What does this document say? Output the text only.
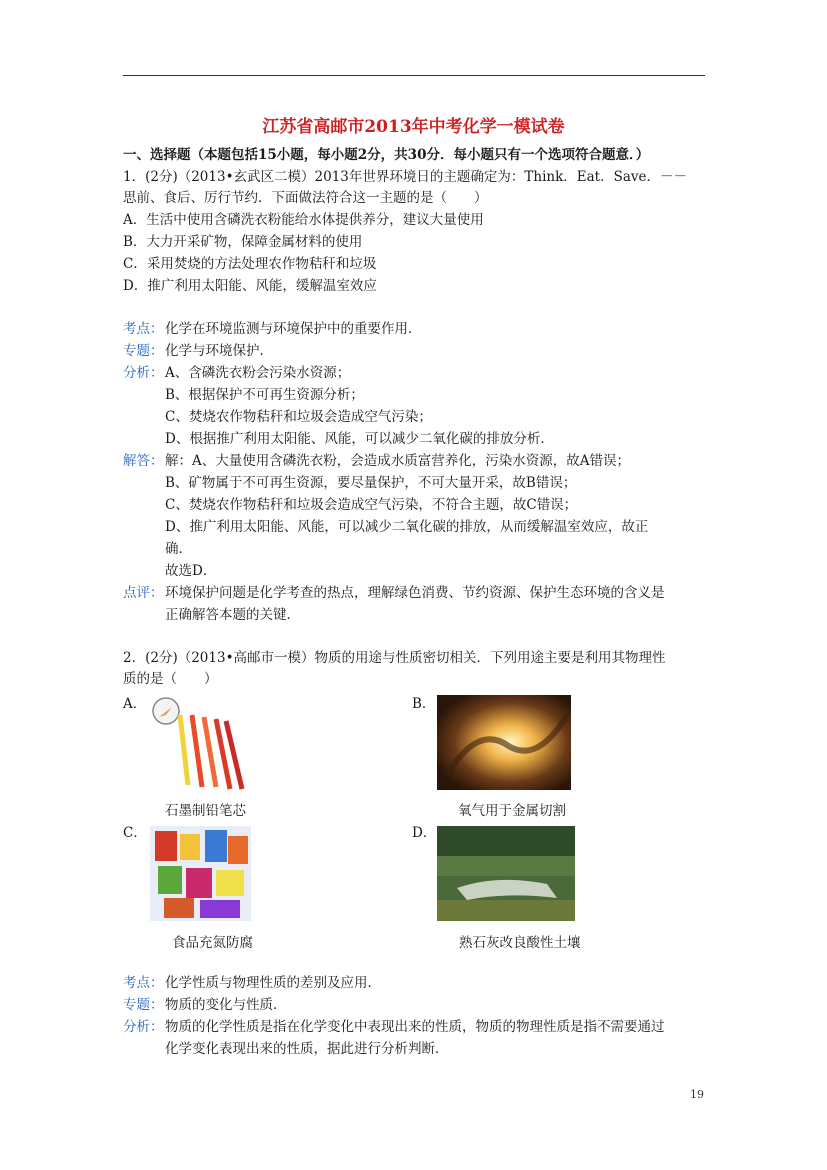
江苏省高邮市2013年中考化学一模试卷
一、选择题（本题包括15小题，每小题2分，共30分．每小题只有一个选项符合题意．）
1．(2分)（2013•玄武区二模）2013年世界环境日的主题确定为：Think．Eat．Save．－－
思前、食后、厉行节约．下面做法符合这一主题的是（　　）
A．生活中使用含磷洗衣粉能给水体提供养分，建议大量使用
B．大力开采矿物，保障金属材料的使用
C．采用焚烧的方法处理农作物秸秆和垃圾
D．推广利用太阳能、风能，缓解温室效应
考点： 化学在环境监测与环境保护中的重要作用．
专题： 化学与环境保护．
分析： A、含磷洗衣粉会污染水资源；
B、根据保护不可再生资源分析；
C、焚烧农作物秸秆和垃圾会造成空气污染；
D、根据推广利用太阳能、风能，可以减少二氧化碳的排放分析．
解答： 解：A、大量使用含磷洗衣粉，会造成水质富营养化，污染水资源，故A错误；
B、矿物属于不可再生资源，要尽量保护，不可大量开采，故B错误；
C、焚烧农作物秸秆和垃圾会造成空气污染，不符合主题，故C错误；
D、推广利用太阳能、风能，可以减少二氧化碳的排放，从而缓解温室效应，故正
确．
故选D．
点评： 环境保护问题是化学考查的热点，理解绿色消费、节约资源、保护生态环境的含义是
正确解答本题的关键．
2．(2分)（2013•高邮市一模）物质的用途与性质密切相关．下列用途主要是利用其物理性
质的是（　　）
A．
石墨制铅笔芯
B．
氧气用于金属切割
C．
食品充氮防腐
D．
熟石灰改良酸性土壤
考点： 化学性质与物理性质的差别及应用．
专题： 物质的变化与性质．
分析： 物质的化学性质是指在化学变化中表现出来的性质，物质的物理性质是指不需要通过
化学变化表现出来的性质，据此进行分析判断．
19
